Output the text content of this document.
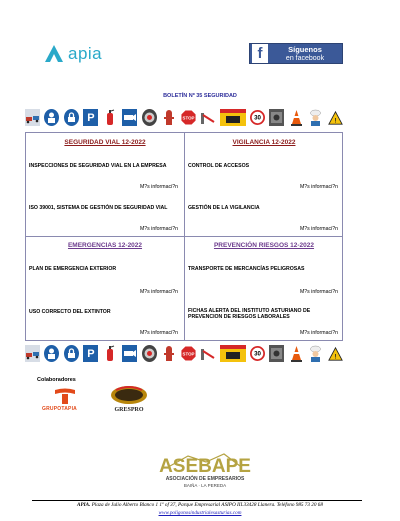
apia	f	Síguenos
en facebook
BOLETÍN Nº 35 SEGURIDAD
P	STOP	30	!
SEGURIDAD VIAL 12-2022
INSPECCIONES DE SEGURIDAD VIAL EN LA EMPRESA
M?s informaci?n
ISO 39001, SISTEMA DE GESTIÓN DE SEGURIDAD VIAL
M?s informaci?n
VIGILANCIA 12-2022
CONTROL DE ACCESOS
M?s informaci?n
GESTIÓN DE LA VIGILANCIA
M?s informaci?n
EMERGENCIAS 12-2022
PLAN DE EMERGENCIA EXTERIOR
M?s informaci?n
USO CORRECTO DEL EXTINTOR
M?s informaci?n
PREVENCIÓN RIESGOS 12-2022
TRANSPORTE DE MERCANCÍAS PELIGROSAS
M?s informaci?n
FICHAS ALERTA DEL INSTITUTO ASTURIANO DE PREVENCION DE RIESGOS LABORALES
M?s informaci?n
P	STOP	30	!
Colaboradores
GRUPOTAPIA	GRESPRO
ASEBAPE
ASOCIACIÓN DE EMPRESARIOS
BAIÑA · LA PEREDA
APIA. Plaza de Julio Alberto Blanco 1 1º of 37, Parque Empresarial ASIPO III.33428 Llanera. Teléfono 985 73 20 68
www.poligonosindustrialesasturias.com
